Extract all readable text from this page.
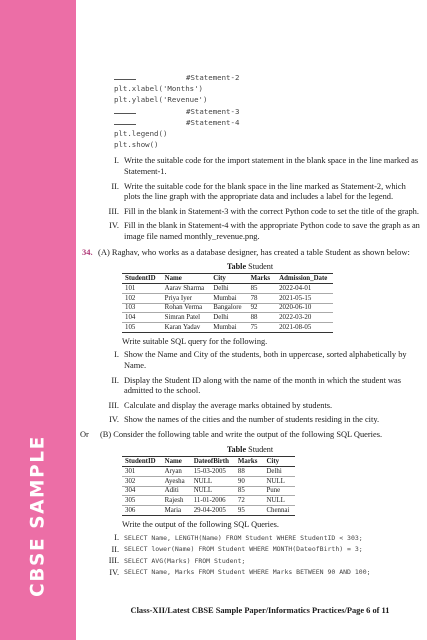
CBSE SAMPLE
#Statement-2
plt.xlabel('Months')
plt.ylabel('Revenue')
#Statement-3
#Statement-4
plt.legend()
plt.show()
I. Write the suitable code for the import statement in the blank space in the line marked as Statement-1.
II. Write the suitable code for the blank space in the line marked as Statement-2, which plots the line graph with the appropriate data and includes a label for the legend.
III. Fill in the blank in Statement-3 with the correct Python code to set the title of the graph.
IV. Fill in the blank in Statement-4 with the appropriate Python code to save the graph as an image file named monthly_revenue.png.
34. (A) Raghav, who works as a database designer, has created a table Student as shown below:
Table Student
StudentID	Name	City	Marks	Admission_Date
101	Aarav Sharma	Delhi	85	2022-04-01
102	Priya Iyer	Mumbai	78	2021-05-15
103	Rohan Verma	Bangalore	92	2020-06-10
104	Simran Patel	Delhi	88	2022-03-20
105	Karan Yadav	Mumbai	75	2021-08-05
Write suitable SQL query for the following.
I. Show the Name and City of the students, both in uppercase, sorted alphabetically by Name.
II. Display the Student ID along with the name of the month in which the student was admitted to the school.
III. Calculate and display the average marks obtained by students.
IV. Show the names of the cities and the number of students residing in the city.
Or	(B) Consider the following table and write the output of the following SQL Queries.
Table Student
StudentID	Name	DateofBirth	Marks	City
301	Aryan	15-03-2005	88	Delhi
302	Ayesha	NULL	90	NULL
304	Aditi	NULL	85	Pune
305	Rajesh	11-01-2006	72	NULL
306	Maria	29-04-2005	95	Chennai
Write the output of the following SQL Queries.
I. SELECT Name, LENGTH(Name) FROM Student WHERE StudentID < 303;
II. SELECT lower(Name) FROM Student WHERE MONTH(DateofBirth) = 3;
III. SELECT AVG(Marks) FROM Student;
IV. SELECT Name, Marks FROM Student WHERE Marks BETWEEN 90 AND 100;
Class-XII/Latest CBSE Sample Paper/Informatics Practices/Page 6 of 11
